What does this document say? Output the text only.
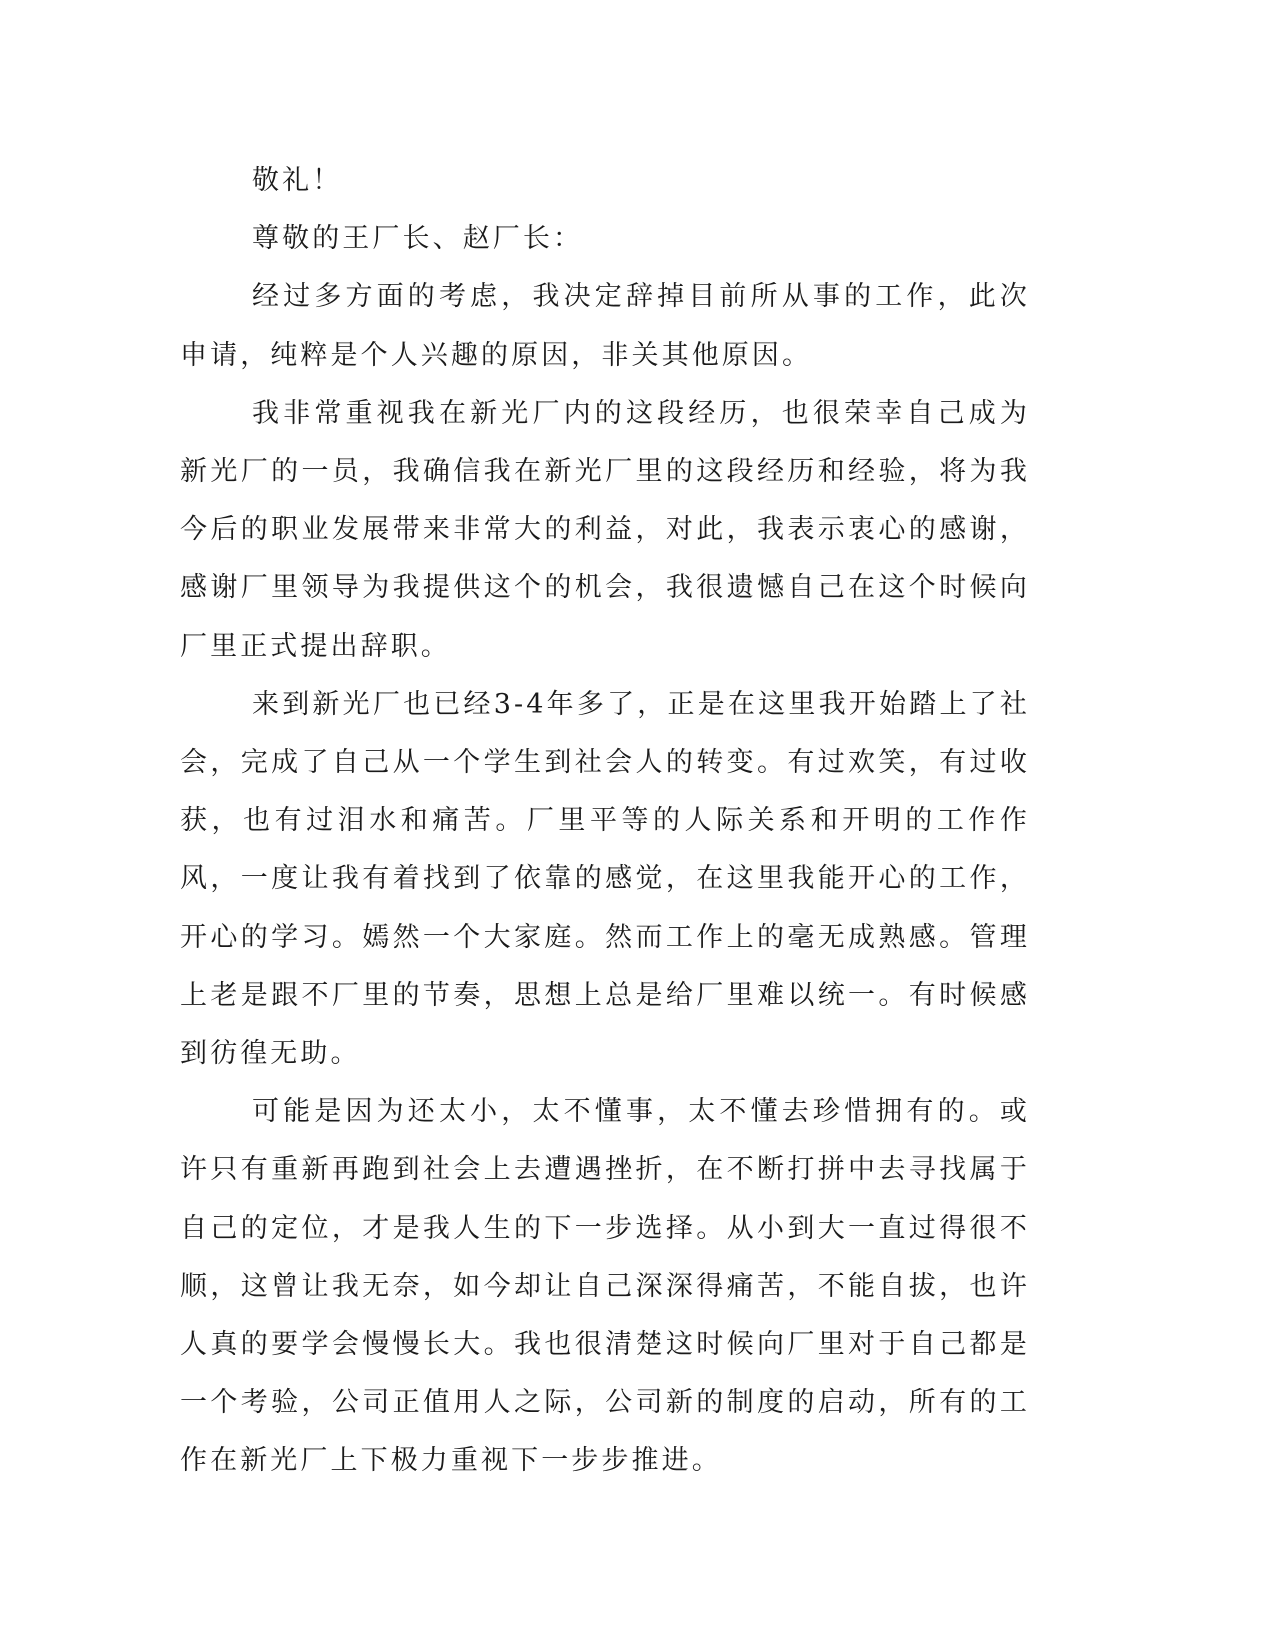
敬礼！

尊敬的王厂长、赵厂长：

经过多方面的考虑，我决定辞掉目前所从事的工作，此次申请，纯粹是个人兴趣的原因，非关其他原因。

我非常重视我在新光厂内的这段经历，也很荣幸自己成为新光厂的一员，我确信我在新光厂里的这段经历和经验，将为我今后的职业发展带来非常大的利益，对此，我表示衷心的感谢，感谢厂里领导为我提供这个的机会，我很遗憾自己在这个时候向厂里正式提出辞职。

来到新光厂也已经3-4年多了，正是在这里我开始踏上了社会，完成了自己从一个学生到社会人的转变。有过欢笑，有过收获，也有过泪水和痛苦。厂里平等的人际关系和开明的工作作风，一度让我有着找到了依靠的感觉，在这里我能开心的工作，开心的学习。嫣然一个大家庭。然而工作上的毫无成熟感。管理上老是跟不厂里的节奏，思想上总是给厂里难以统一。有时候感到彷徨无助。

可能是因为还太小，太不懂事，太不懂去珍惜拥有的。或许只有重新再跑到社会上去遭遇挫折，在不断打拼中去寻找属于自己的定位，才是我人生的下一步选择。从小到大一直过得很不顺，这曾让我无奈，如今却让自己深深得痛苦，不能自拔，也许人真的要学会慢慢长大。我也很清楚这时候向厂里对于自己都是一个考验，公司正值用人之际，公司新的制度的启动，所有的工作在新光厂上下极力重视下一步步推进。
